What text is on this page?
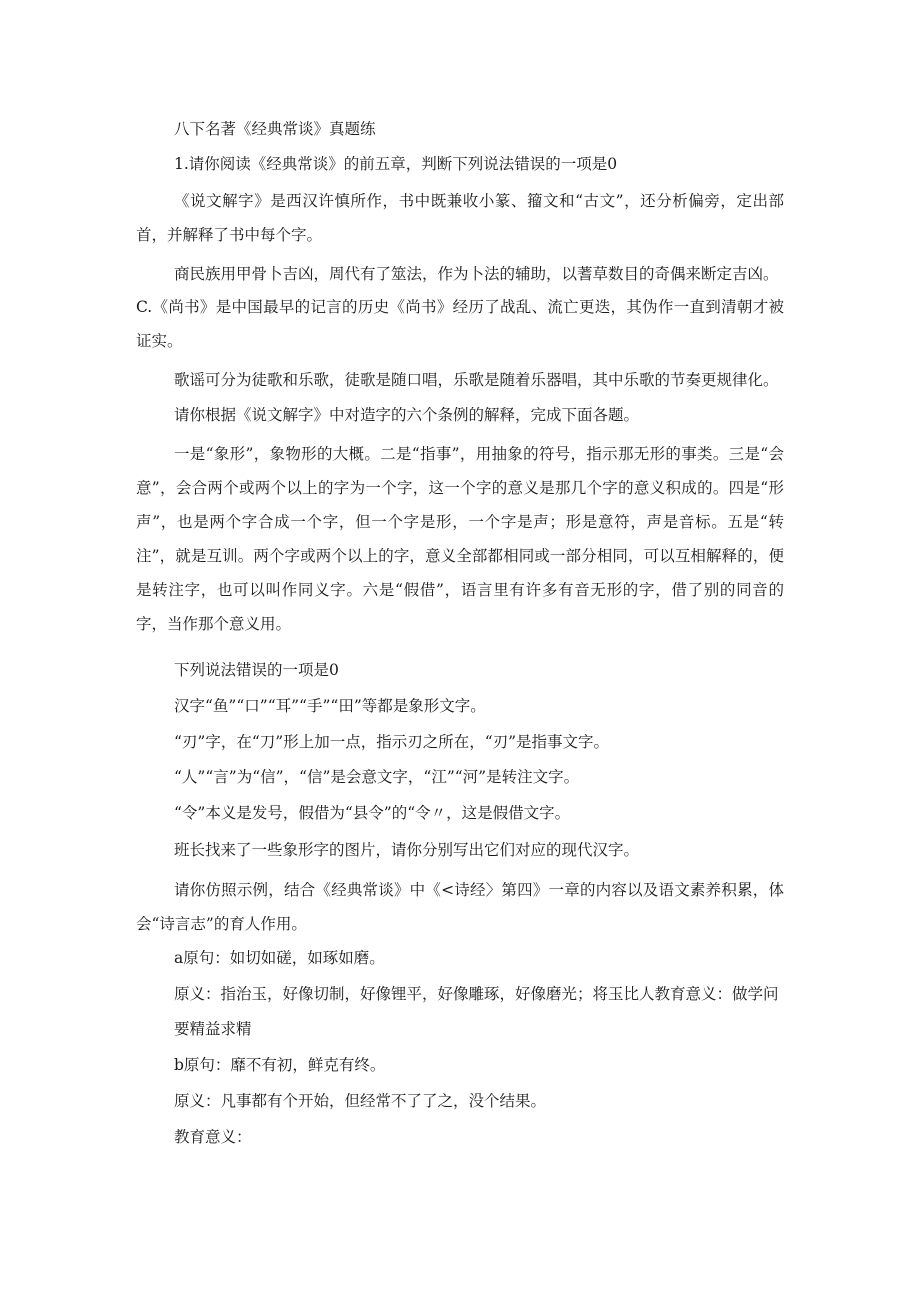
八下名著《经典常谈》真题练
1.请你阅读《经典常谈》的前五章，判断下列说法错误的一项是0
《说文解字》是西汉许慎所作，书中既兼收小篆、籀文和“古文”，还分析偏旁，定出部首，并解释了书中每个字。
商民族用甲骨卜吉凶，周代有了筮法，作为卜法的辅助，以蓍草数目的奇偶来断定吉凶。
C.《尚书》是中国最早的记言的历史《尚书》经历了战乱、流亡更迭，其伪作一直到清朝才被证实。
歌谣可分为徒歌和乐歌，徒歌是随口唱，乐歌是随着乐器唱，其中乐歌的节奏更规律化。
请你根据《说文解字》中对造字的六个条例的解释，完成下面各题。
一是“象形”，象物形的大概。二是“指事”，用抽象的符号，指示那无形的事类。三是“会意”，会合两个或两个以上的字为一个字，这一个字的意义是那几个字的意义积成的。四是“形声”，也是两个字合成一个字，但一个字是形，一个字是声；形是意符，声是音标。五是“转注”，就是互训。两个字或两个以上的字，意义全部都相同或一部分相同，可以互相解释的，便是转注字，也可以叫作同义字。六是“假借”，语言里有许多有音无形的字，借了别的同音的字，当作那个意义用。
下列说法错误的一项是0
汉字“鱼”“口”“耳”“手”“田”等都是象形文字。
“刃”字，在“刀”形上加一点，指示刃之所在，“刃”是指事文字。
“人”“言”为“信”，“信”是会意文字，“江”“河”是转注文字。
“令”本义是发号，假借为“县令”的“令〃，这是假借文字。
班长找来了一些象形字的图片，请你分别写出它们对应的现代汉字。
请你仿照示例，结合《经典常谈》中《<诗经〉第四》一章的内容以及语文素养积累，体会“诗言志”的育人作用。
a原句：如切如磋，如琢如磨。
原义：指治玉，好像切制，好像锂平，好像雕琢，好像磨光；将玉比人教育意义：做学问
要精益求精
b原句：靡不有初，鲜克有终。
原义：凡事都有个开始，但经常不了了之，没个结果。
教育意义：
